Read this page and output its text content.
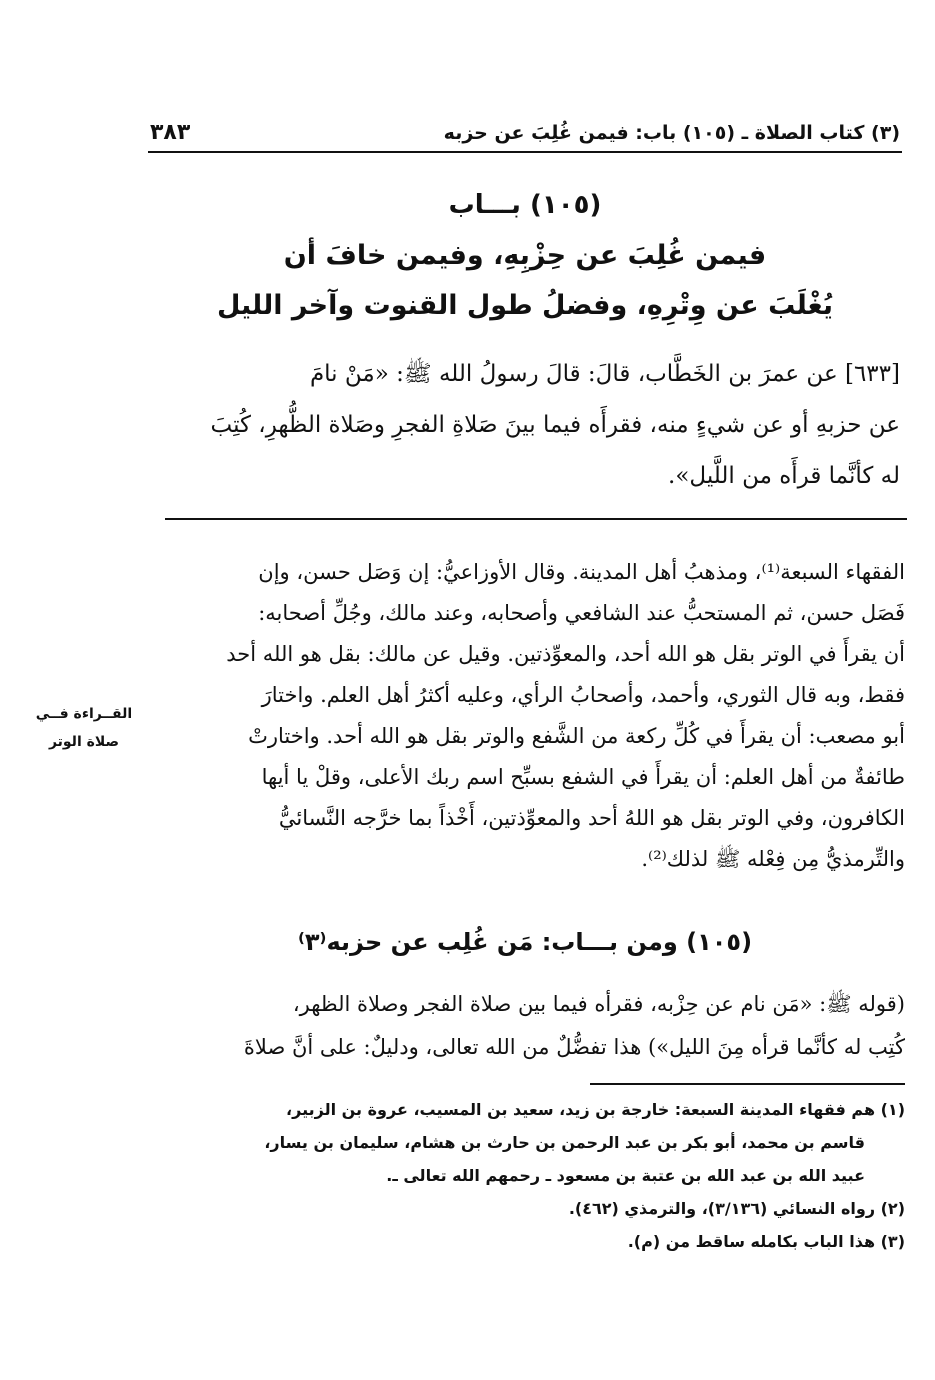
(٣) كتاب الصلاة ـ (١٠٥) باب: فيمن غُلِبَ عن حزبه
٣٨٣
(١٠٥) بـــاب
فيمن غُلِبَ عن حِزْبِهِ، وفيمن خافَ أن
يُغْلَبَ عن وِتْرِهِ، وفضلُ طول القنوت وآخر الليل
[٦٣٣] عن عمرَ بن الخَطَّاب، قالَ: قالَ رسولُ الله ﷺ: «مَنْ نامَ
عن حزبهِ أو عن شيءٍ منه، فقرأَه فيما بينَ صَلاةِ الفجرِ وصَلاة الظُّهرِ، كُتِبَ
له كأنَّما قرأَه من اللَّيل».
الفقهاء السبعة⁽¹⁾، ومذهبُ أهل المدينة. وقال الأوزاعيُّ: إن وَصَل حسن، وإن
فَصَل حسن، ثم المستحبُّ عند الشافعي وأصحابه، وعند مالك، وجُلِّ أصحابه:
أن يقرأَ في الوتر بقل هو الله أحد، والمعوِّذتين. وقيل عن مالك: بقل هو الله أحد
فقط، وبه قال الثوري، وأحمد، وأصحابُ الرأي، وعليه أكثرُ أهل العلم. واختارَ
أبو مصعب: أن يقرأَ في كُلِّ ركعة من الشَّفع والوتر بقل هو الله أحد. واختارتْ
طائفةٌ من أهل العلم: أن يقرأَ في الشفع بسبِّح اسم ربك الأعلى، وقلْ يا أيها
الكافرون، وفي الوتر بقل هو اللهُ أحد والمعوِّذتين، أَخْذاً بما خرَّجه النَّسائيُّ
والتِّرمذيُّ مِن فِعْله ﷺ لذلك⁽²⁾.
القــراءة فــي
صلاة الوتر
(١٠٥) ومن بـــاب: مَن غُلِب عن حزبه⁽٣⁾
(قوله ﷺ: «مَن نام عن حِزْبه، فقرأه فيما بين صلاة الفجر وصلاة الظهر،
كُتِب له كأنَّما قرأه مِنَ الليل») هذا تفضُّلٌ من الله تعالى، ودليلٌ: على أنَّ صلاةَ
(١) هم فقهاء المدينة السبعة: خارجة بن زيد، سعيد بن المسيب، عروة بن الزبير،
قاسم بن محمد، أبو بكر بن عبد الرحمن بن حارث بن هشام، سليمان بن يسار،
عبيد الله بن عبد الله بن عتبة بن مسعود ـ رحمهم الله تعالى ـ.
(٢) رواه النسائي (٣/١٣٦)، والترمذي (٤٦٢).
(٣) هذا الباب بكامله ساقط من (م).
